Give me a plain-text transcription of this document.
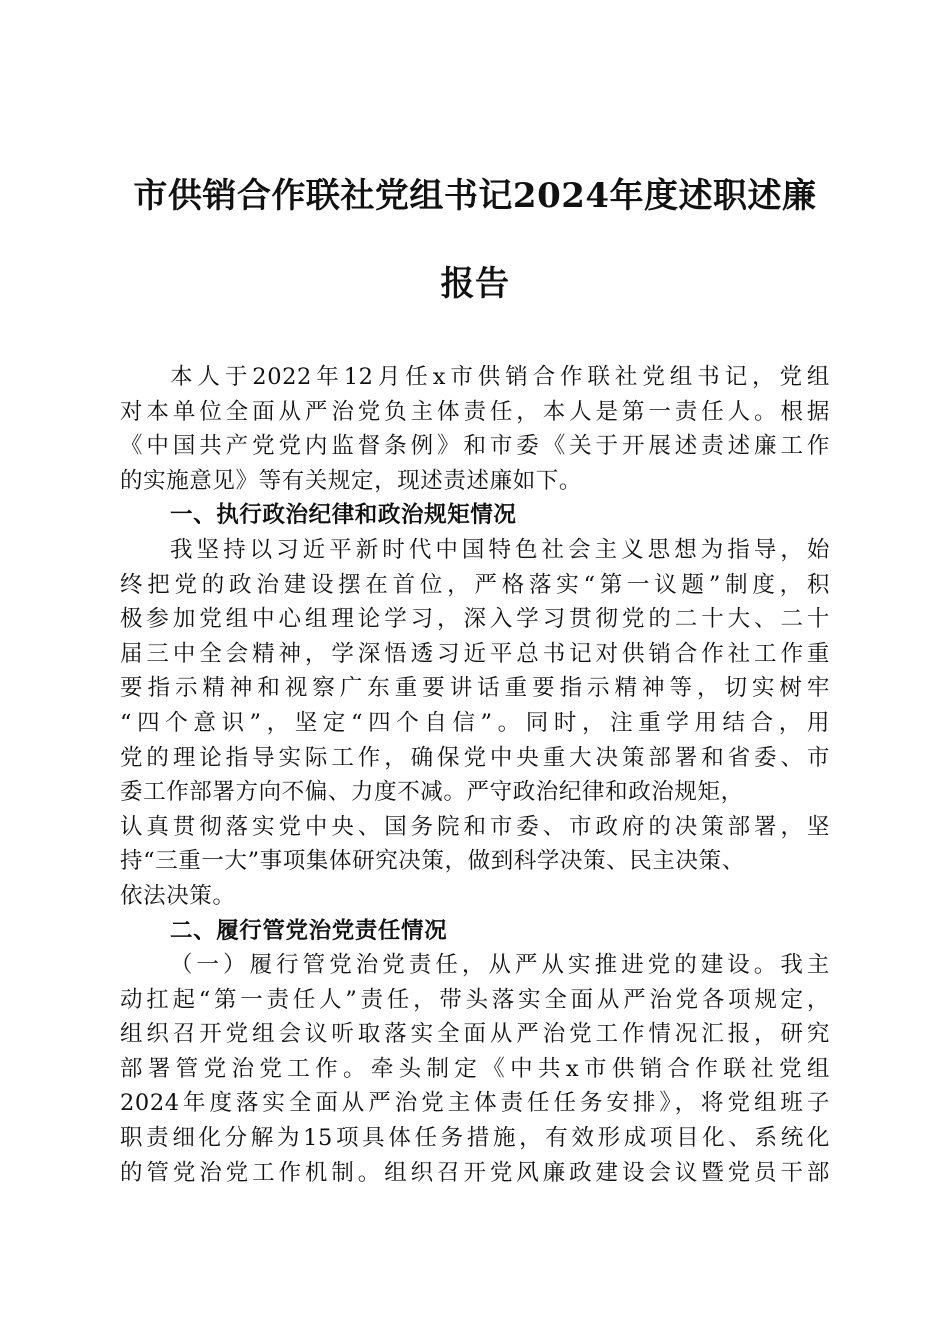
市供销合作联社党组书记2024年度述职述廉
报告
本人于2022年12月任x市供销合作联社党组书记，党组
对本单位全面从严治党负主体责任，本人是第一责任人。根据
《中国共产党党内监督条例》和市委《关于开展述责述廉工作
的实施意见》等有关规定，现述责述廉如下。
一、执行政治纪律和政治规矩情况
我坚持以习近平新时代中国特色社会主义思想为指导，始
终把党的政治建设摆在首位，严格落实“第一议题”制度，积
极参加党组中心组理论学习，深入学习贯彻党的二十大、二十
届三中全会精神，学深悟透习近平总书记对供销合作社工作重
要指示精神和视察广东重要讲话重要指示精神等，切实树牢
“四个意识”，坚定“四个自信”。同时，注重学用结合，用
党的理论指导实际工作，确保党中央重大决策部署和省委、市
委工作部署方向不偏、力度不减。严守政治纪律和政治规矩，
认真贯彻落实党中央、国务院和市委、市政府的决策部署，坚
持“三重一大”事项集体研究决策，做到科学决策、民主决策、
依法决策。
二、履行管党治党责任情况
（一）履行管党治党责任，从严从实推进党的建设。我主
动扛起“第一责任人”责任，带头落实全面从严治党各项规定，
组织召开党组会议听取落实全面从严治党工作情况汇报，研究
部署管党治党工作。牵头制定《中共x市供销合作联社党组
2024年度落实全面从严治党主体责任任务安排》，将党组班子
职责细化分解为15项具体任务措施，有效形成项目化、系统化
的管党治党工作机制。组织召开党风廉政建设会议暨党员干部
